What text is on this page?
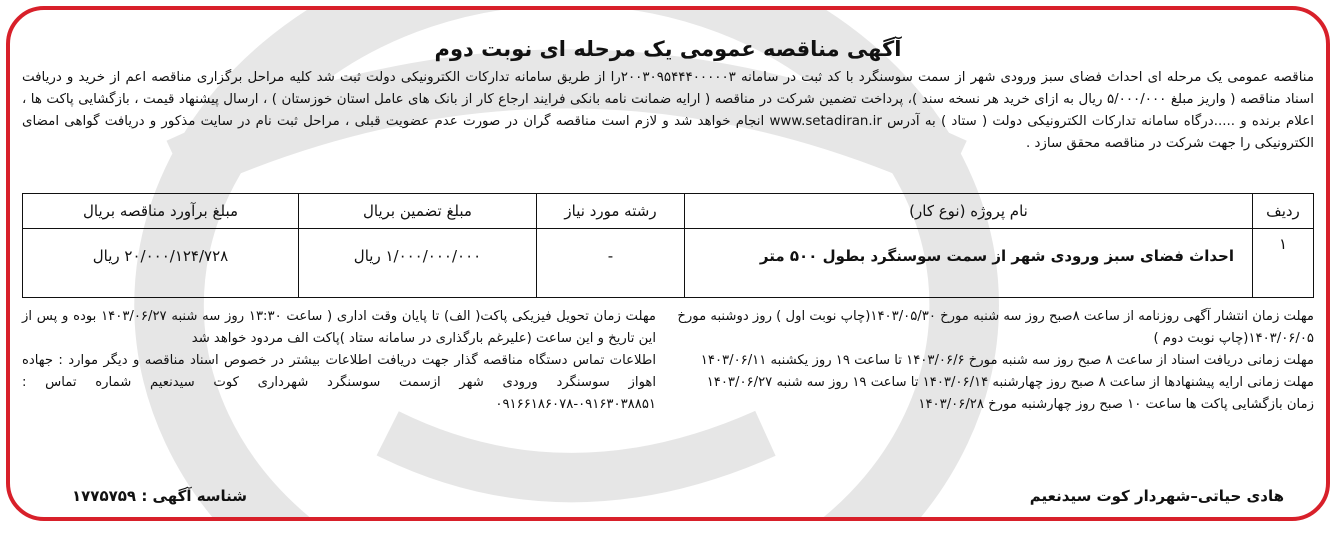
آگهی مناقصه عمومی یک مرحله ای نوبت دوم

مناقصه عمومی یک مرحله ای احداث فضای سبز ورودی شهر از سمت سوسنگرد با کد ثبت در سامانه ۲۰۰۳۰۹۵۴۴۴۰۰۰۰۰۳را از طریق سامانه تدارکات الکترونیکی دولت ثبت شد کلیه مراحل برگزاری مناقصه اعم از خرید و دریافت اسناد مناقصه ( واریز مبلغ ۵/۰۰۰/۰۰۰ ریال به ازای خرید هر نسخه سند )، پرداخت تضمین شرکت در مناقصه ( ارایه ضمانت نامه بانکی فرایند ارجاع کار از بانک های عامل استان خوزستان ) ، ارسال پیشنهاد قیمت ، بازگشایی پاکت ها ، اعلام برنده و .....درگاه سامانه تدارکات الکترونیکی دولت ( ستاد ) به آدرس www.setadiran.ir انجام خواهد شد و لازم است مناقصه گران در صورت عدم عضویت قبلی ، مراحل ثبت نام در سایت مذکور و دریافت گواهی امضای الکترونیکی را جهت شرکت در مناقصه محقق سازد .

ردیف	نام پروژه (نوع کار)	رشته مورد نیاز	مبلغ تضمین بریال	مبلغ برآورد مناقصه بریال
۱	احداث فضای سبز ورودی شهر از سمت سوسنگرد بطول ۵۰۰ متر	-	۱/۰۰۰/۰۰۰/۰۰۰ ریال	۲۰/۰۰۰/۱۲۴/۷۲۸ ریال

مهلت زمان انتشار آگهی روزنامه از ساعت ۸صبح روز سه شنبه مورخ ۱۴۰۳/۰۵/۳۰(چاپ نوبت اول ) روز دوشنبه مورخ ۱۴۰۳/۰۶/۰۵(چاپ نوبت دوم )

مهلت زمانی دریافت اسناد از ساعت ۸ صبح روز سه شنبه مورخ ۱۴۰۳/۰۶/۶ تا ساعت ۱۹ روز یکشنبه ۱۴۰۳/۰۶/۱۱

مهلت زمانی ارایه پیشنهادها از ساعت ۸ صبح روز چهارشنبه ۱۴۰۳/۰۶/۱۴ تا ساعت ۱۹ روز سه شنبه ۱۴۰۳/۰۶/۲۷

زمان بازگشایی پاکت ها ساعت ۱۰ صبح روز چهارشنبه مورخ ۱۴۰۳/۰۶/۲۸

مهلت زمان تحویل فیزیکی پاکت( الف) تا پایان وقت اداری ( ساعت ۱۳:۳۰ روز سه شنبه ۱۴۰۳/۰۶/۲۷ بوده و پس از این تاریخ و این ساعت (علیرغم بارگذاری در سامانه ستاد )پاکت الف مردود خواهد شد

اطلاعات تماس دستگاه مناقصه گذار جهت دریافت اطلاعات بیشتر در خصوص اسناد مناقصه و دیگر موارد : جهاده اهواز سوسنگرد ورودی شهر ازسمت سوسنگرد شهرداری کوت سیدنعیم شماره تماس : ۰۹۱۶۳۰۳۸۸۵۱-۰۹۱۶۶۱۸۶۰۷۸

هادی حیاتی–شهردار کوت سیدنعیم
شناسه آگهی : ۱۷۷۵۷۵۹
